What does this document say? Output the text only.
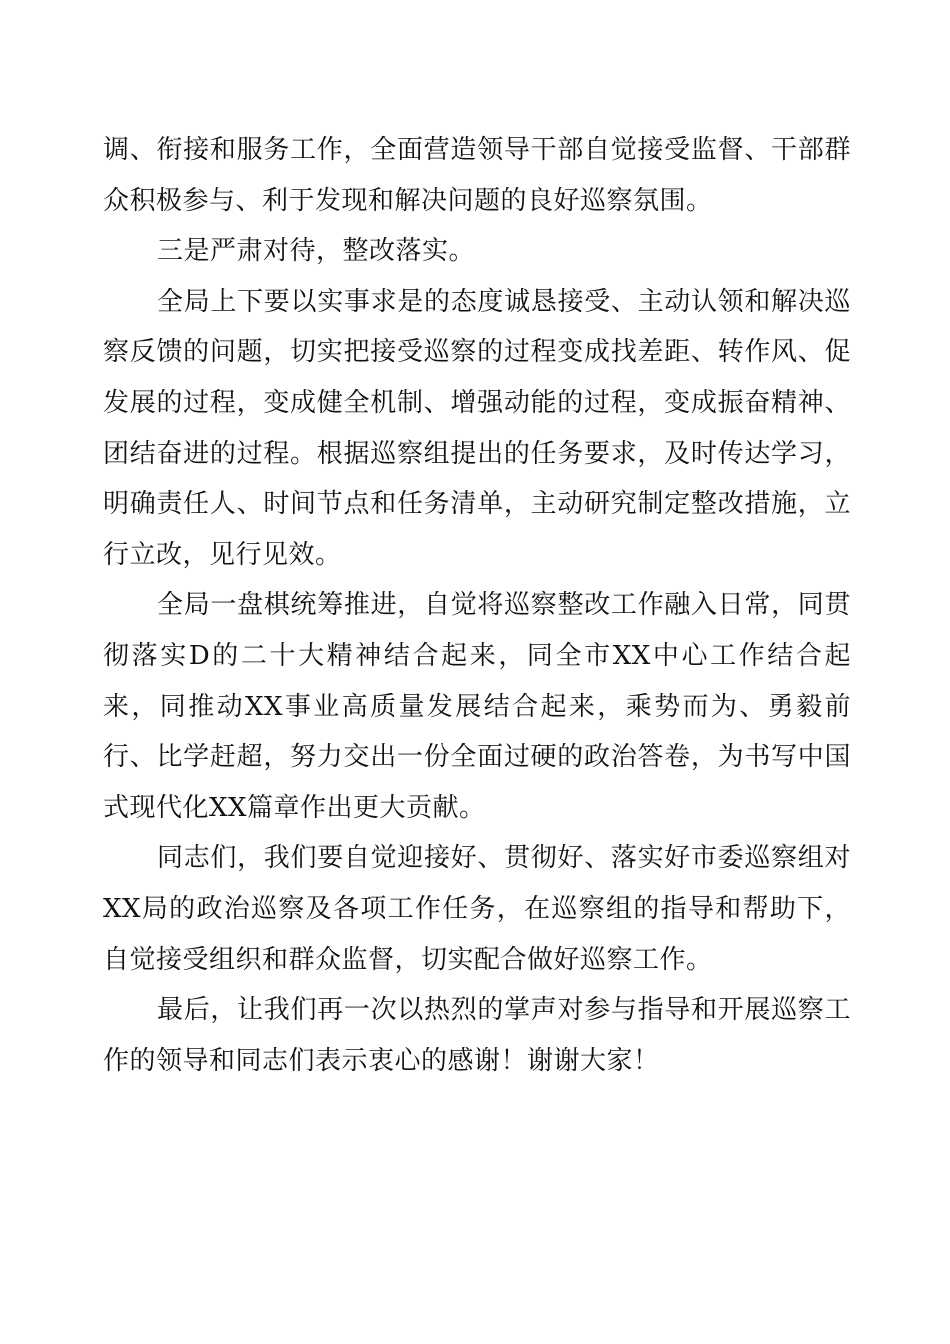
调、衔接和服务工作，全面营造领导干部自觉接受监督、干部群众积极参与、利于发现和解决问题的良好巡察氛围。

三是严肃对待，整改落实。

全局上下要以实事求是的态度诚恳接受、主动认领和解决巡察反馈的问题，切实把接受巡察的过程变成找差距、转作风、促发展的过程，变成健全机制、增强动能的过程，变成振奋精神、团结奋进的过程。根据巡察组提出的任务要求，及时传达学习，明确责任人、时间节点和任务清单，主动研究制定整改措施，立行立改，见行见效。

全局一盘棋统筹推进，自觉将巡察整改工作融入日常，同贯彻落实D的二十大精神结合起来，同全市XX中心工作结合起来，同推动XX事业高质量发展结合起来，乘势而为、勇毅前行、比学赶超，努力交出一份全面过硬的政治答卷，为书写中国式现代化XX篇章作出更大贡献。

同志们，我们要自觉迎接好、贯彻好、落实好市委巡察组对XX局的政治巡察及各项工作任务，在巡察组的指导和帮助下，自觉接受组织和群众监督，切实配合做好巡察工作。

最后，让我们再一次以热烈的掌声对参与指导和开展巡察工作的领导和同志们表示衷心的感谢！谢谢大家！
